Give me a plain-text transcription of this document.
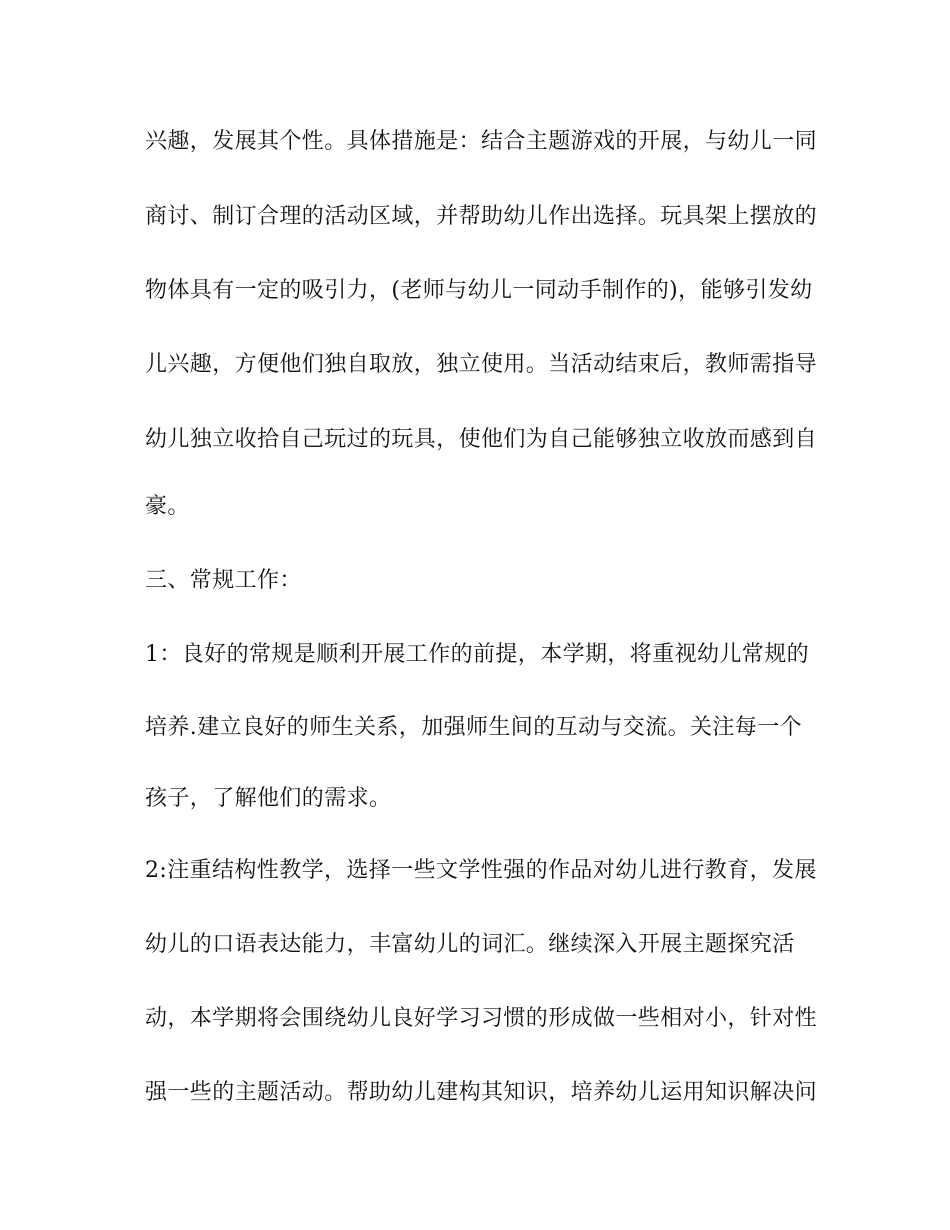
兴趣，发展其个性。具体措施是：结合主题游戏的开展，与幼儿一同
商讨、制订合理的活动区域，并帮助幼儿作出选择。玩具架上摆放的
物体具有一定的吸引力，(老师与幼儿一同动手制作的)，能够引发幼
儿兴趣，方便他们独自取放，独立使用。当活动结束后，教师需指导
幼儿独立收拾自己玩过的玩具，使他们为自己能够独立收放而感到自
豪。
三、常规工作：
1：良好的常规是顺利开展工作的前提，本学期，将重视幼儿常规的
培养.建立良好的师生关系，加强师生间的互动与交流。关注每一个
孩子，了解他们的需求。
2:注重结构性教学，选择一些文学性强的作品对幼儿进行教育，发展
幼儿的口语表达能力，丰富幼儿的词汇。继续深入开展主题探究活
动，本学期将会围绕幼儿良好学习习惯的形成做一些相对小，针对性
强一些的主题活动。帮助幼儿建构其知识，培养幼儿运用知识解决问
